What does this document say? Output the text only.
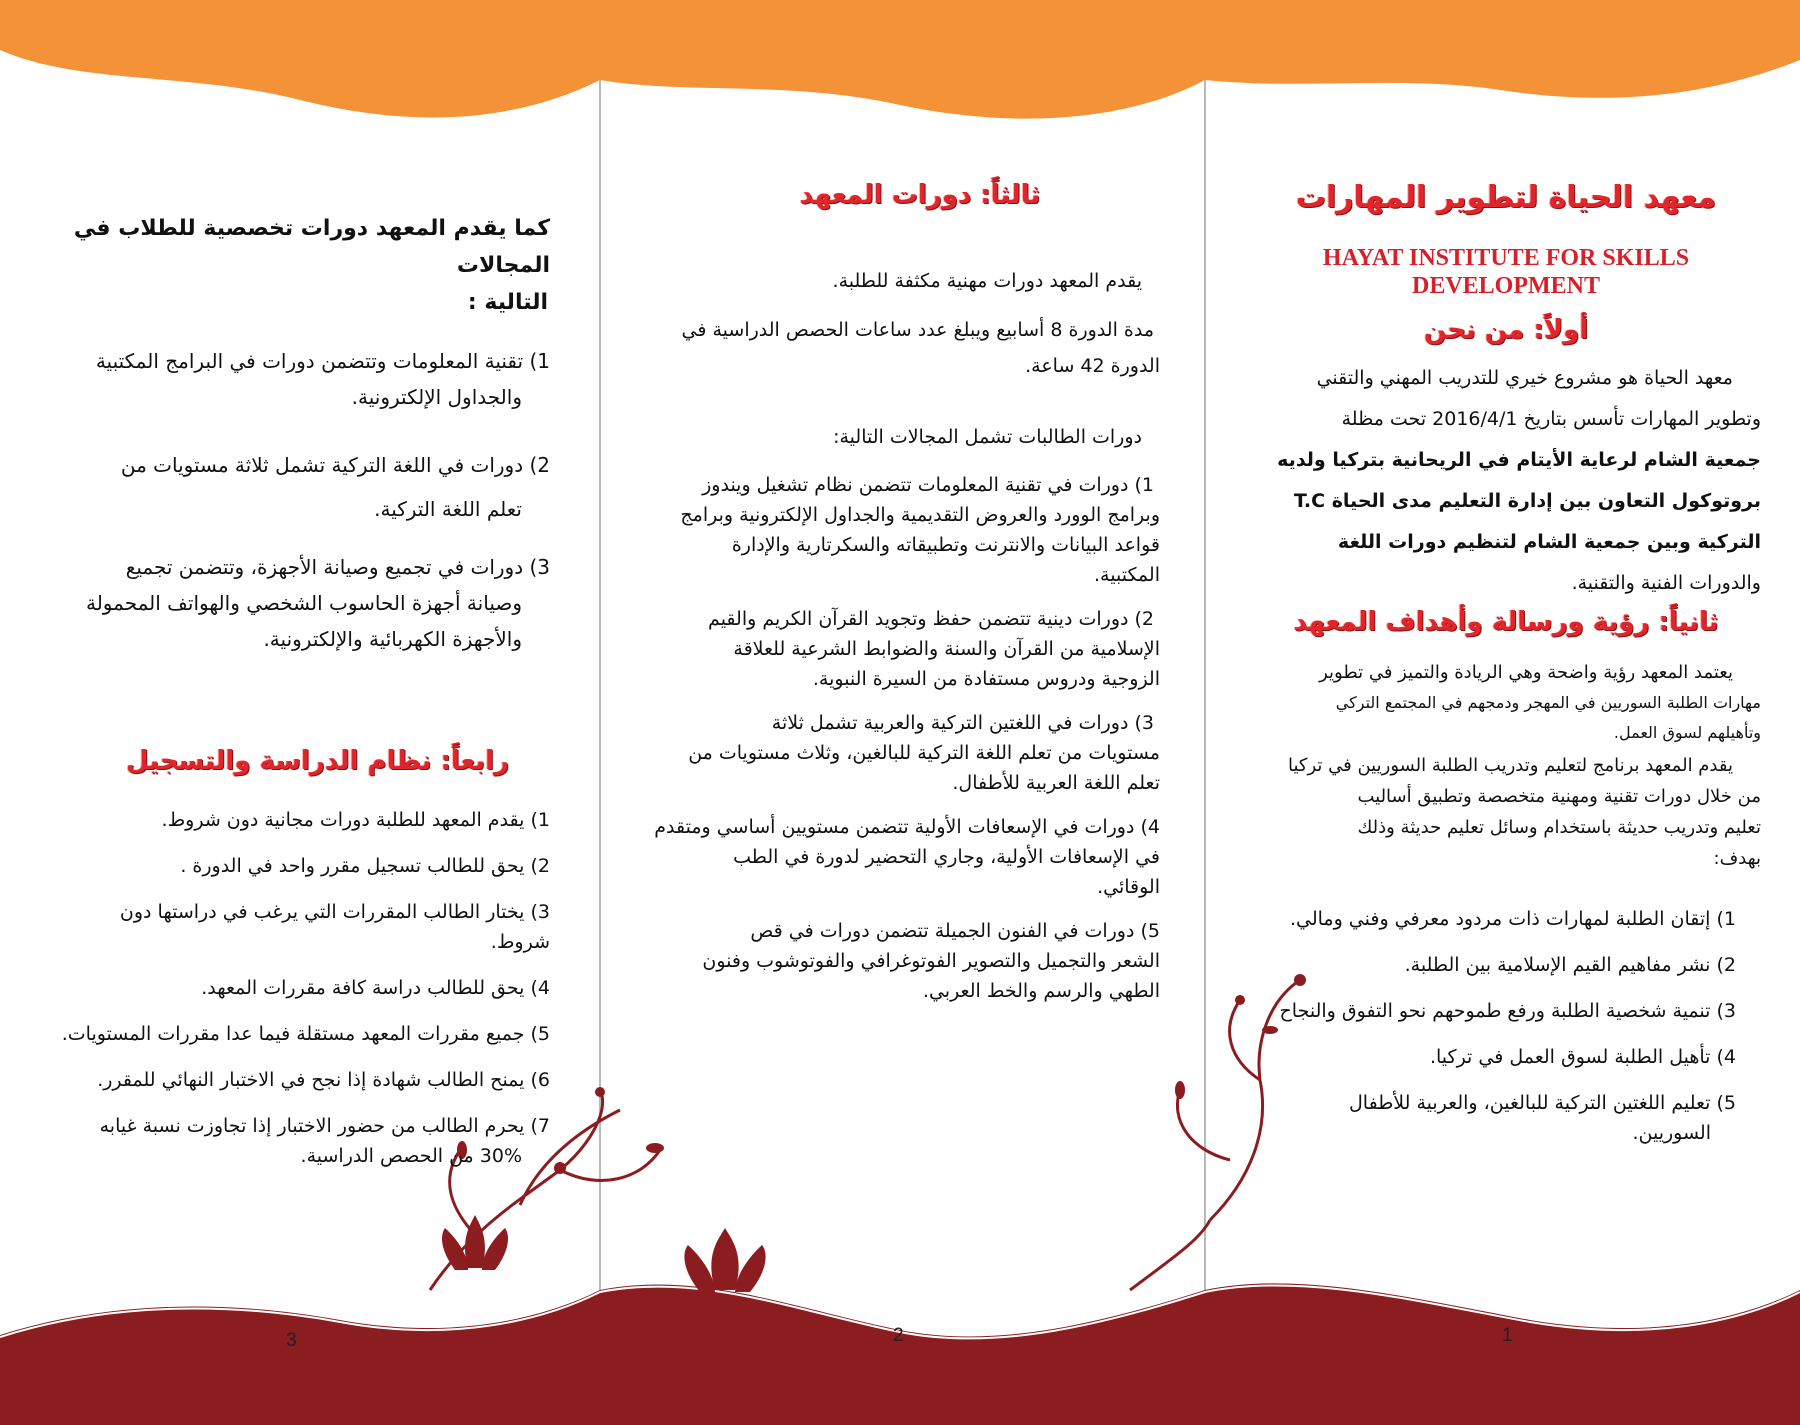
كما يقدم المعهد دورات تخصصية للطلاب في المجالات

التالية :

1) تقنية المعلومات وتتضمن دورات في البرامج المكتبية

والجداول الإلكترونية.

2) دورات في اللغة التركية تشمل ثلاثة مستويات من

تعلم اللغة التركية.

3) دورات في تجميع وصيانة الأجهزة، وتتضمن تجميع

وصيانة أجهزة الحاسوب الشخصي والهواتف المحمولة

والأجهزة الكهربائية والإلكترونية.

رابعاً: نظام الدراسة والتسجيل

1) يقدم المعهد للطلبة دورات مجانية دون شروط.

2) يحق للطالب تسجيل مقرر واحد في الدورة .

3) يختار الطالب المقررات التي يرغب في دراستها دون

شروط.

4) يحق للطالب دراسة كافة مقررات المعهد.

5) جميع مقررات المعهد مستقلة فيما عدا مقررات المستويات.

6) يمنح الطالب شهادة إذا نجح في الاختبار النهائي للمقرر.

7) يحرم الطالب من حضور الاختبار إذا تجاوزت نسبة غيابه

30% من الحصص الدراسية.

3
ثالثاً: دورات المعهد

يقدم المعهد دورات مهنية مكثفة للطلبة.

مدة الدورة 8 أسابيع ويبلغ عدد ساعات الحصص الدراسية في

الدورة 42 ساعة.

دورات الطالبات تشمل المجالات التالية:

1) دورات في تقنية المعلومات تتضمن نظام تشغيل ويندوز

وبرامج الوورد والعروض التقديمية والجداول الإلكترونية وبرامج

قواعد البيانات والانترنت وتطبيقاته والسكرتارية والإدارة

المكتبية.

2) دورات دينية تتضمن حفظ وتجويد القرآن الكريم والقيم

الإسلامية من القرآن والسنة والضوابط الشرعية للعلاقة

الزوجية ودروس مستفادة من السيرة النبوية.

3) دورات في اللغتين التركية والعربية تشمل ثلاثة

مستويات من تعلم اللغة التركية للبالغين، وثلاث مستويات من

تعلم اللغة العربية للأطفال.

4) دورات في الإسعافات الأولية تتضمن مستويين أساسي ومتقدم

في الإسعافات الأولية، وجاري التحضير لدورة في الطب

الوقائي.

5) دورات في الفنون الجميلة تتضمن دورات في قص

الشعر والتجميل والتصوير الفوتوغرافي والفوتوشوب وفنون

الطهي والرسم والخط العربي.

2
معهد الحياة لتطوير المهارات
HAYAT INSTITUTE FOR SKILLS
DEVELOPMENT
أولاً: من نحن

معهد الحياة هو مشروع خيري للتدريب المهني والتقني

وتطوير المهارات تأسس بتاريخ 2016/4/1 تحت مظلة

جمعية الشام لرعاية الأيتام في الريحانية بتركيا ولديه

بروتوكول التعاون بين إدارة التعليم مدى الحياة T.C

التركية وبين جمعية الشام لتنظيم دورات اللغة

والدورات الفنية والتقنية.

ثانياً: رؤية ورسالة وأهداف المعهد

يعتمد المعهد رؤية واضحة وهي الريادة والتميز في تطوير

مهارات الطلبة السوريين في المهجر ودمجهم في المجتمع التركي

وتأهيلهم لسوق العمل.

يقدم المعهد برنامج لتعليم وتدريب الطلبة السوريين في تركيا

من خلال دورات تقنية ومهنية متخصصة وتطبيق أساليب

تعليم وتدريب حديثة باستخدام وسائل تعليم حديثة وذلك

بهدف:

1) إتقان الطلبة لمهارات ذات مردود معرفي وفني ومالي.

2) نشر مفاهيم القيم الإسلامية بين الطلبة.

3) تنمية شخصية الطلبة ورفع طموحهم نحو التفوق والنجاح

4) تأهيل الطلبة لسوق العمل في تركيا.

5) تعليم اللغتين التركية للبالغين، والعربية للأطفال

السوريين.

1
